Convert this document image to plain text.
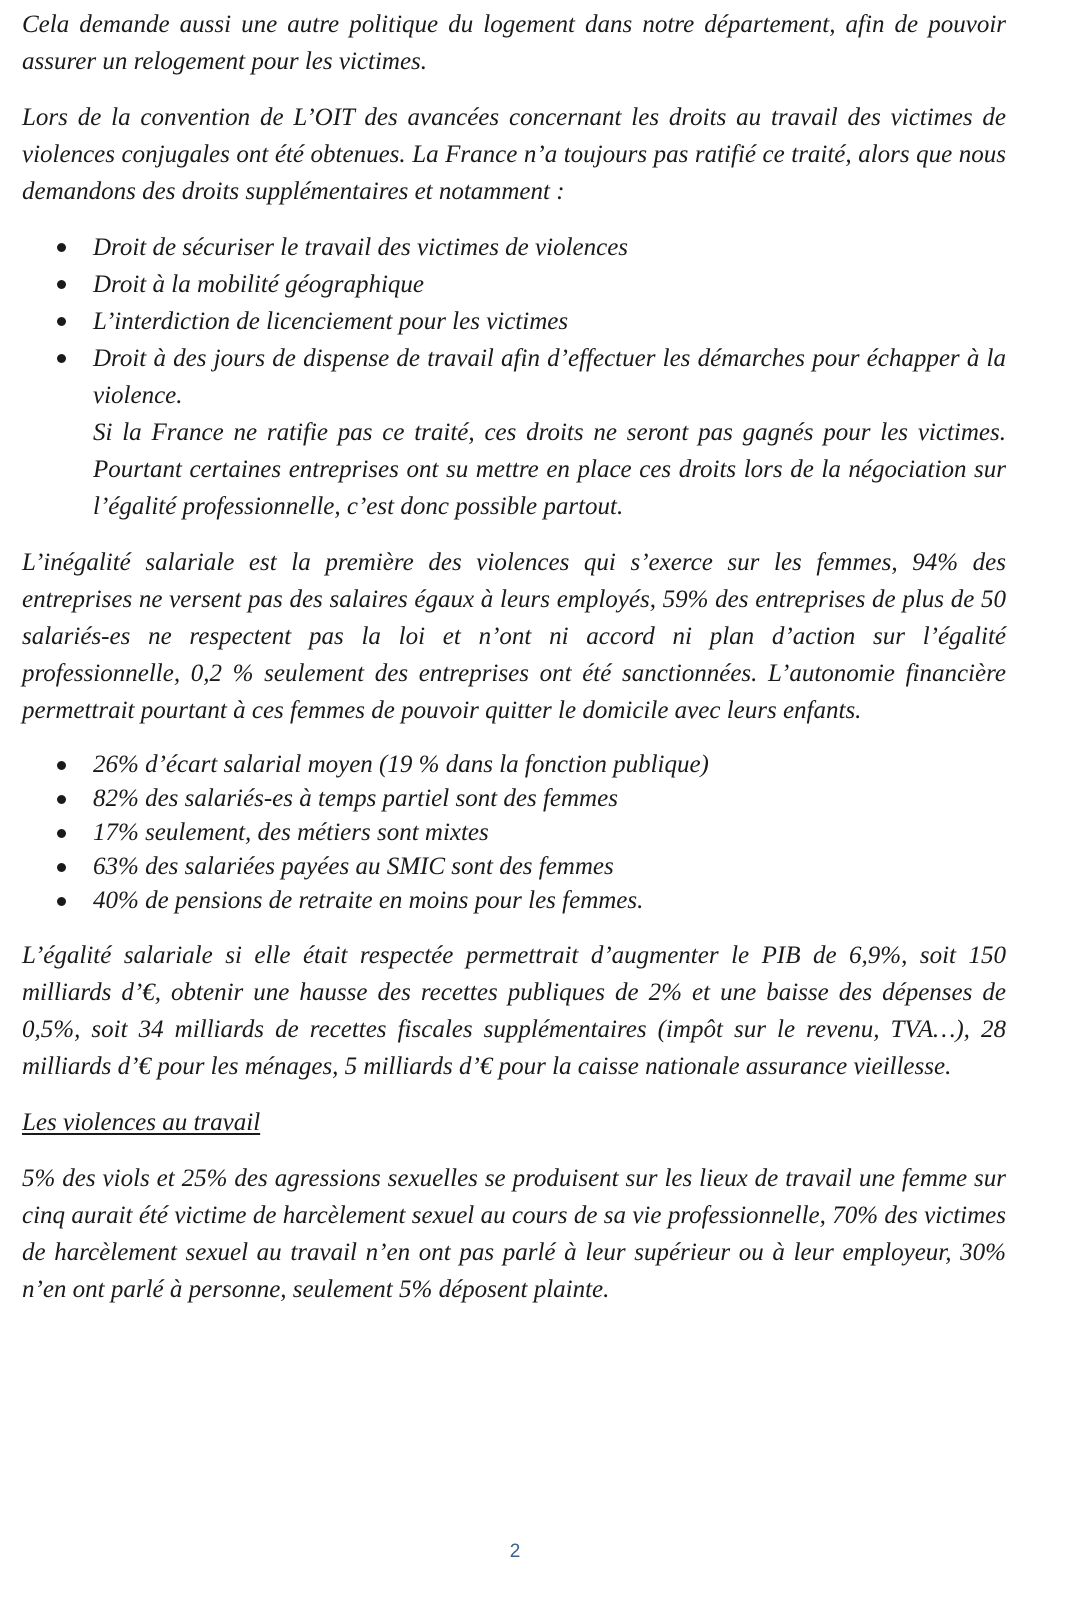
Cela demande aussi une autre politique du logement dans notre département, afin de pouvoir assurer un relogement pour les victimes.

Lors de la convention de L’OIT des avancées concernant les droits au travail des victimes de violences conjugales ont été obtenues. La France n’a toujours pas ratifié ce traité, alors que nous demandons des droits supplémentaires et notamment :

Droit de sécuriser le travail des victimes de violences
Droit à la mobilité géographique
L’interdiction de licenciement pour les victimes
Droit à des jours de dispense de travail afin d’effectuer les démarches pour échapper à la violence.
Si la France ne ratifie pas ce traité, ces droits ne seront pas gagnés pour les victimes. Pourtant certaines entreprises ont su mettre en place ces droits lors de la négociation sur l’égalité professionnelle, c’est donc possible partout.

L’inégalité salariale est la première des violences qui s’exerce sur les femmes, 94% des entreprises ne versent pas des salaires égaux à leurs employés, 59% des entreprises de plus de 50 salariés-es ne respectent pas la loi et n’ont ni accord ni plan d’action sur l’égalité professionnelle, 0,2 % seulement des entreprises ont été sanctionnées. L’autonomie financière permettrait pourtant à ces femmes de pouvoir quitter le domicile avec leurs enfants.

26% d’écart salarial moyen (19 % dans la fonction publique)
82% des salariés-es à temps partiel sont des femmes
17% seulement, des métiers sont mixtes
63% des salariées payées au SMIC sont des femmes
40% de pensions de retraite en moins pour les femmes.

L’égalité salariale si elle était respectée permettrait d’augmenter le PIB de 6,9%, soit 150 milliards d’€, obtenir une hausse des recettes publiques de 2% et une baisse des dépenses de 0,5%, soit 34 milliards de recettes fiscales supplémentaires (impôt sur le revenu, TVA…), 28 milliards d’€ pour les ménages, 5 milliards d’€ pour la caisse nationale assurance vieillesse.

Les violences au travail

5% des viols et 25% des agressions sexuelles se produisent sur les lieux de travail une femme sur cinq aurait été victime de harcèlement sexuel au cours de sa vie professionnelle, 70% des victimes de harcèlement sexuel au travail n’en ont pas parlé à leur supérieur ou à leur employeur, 30% n’en ont parlé à personne, seulement 5% déposent plainte.

2
